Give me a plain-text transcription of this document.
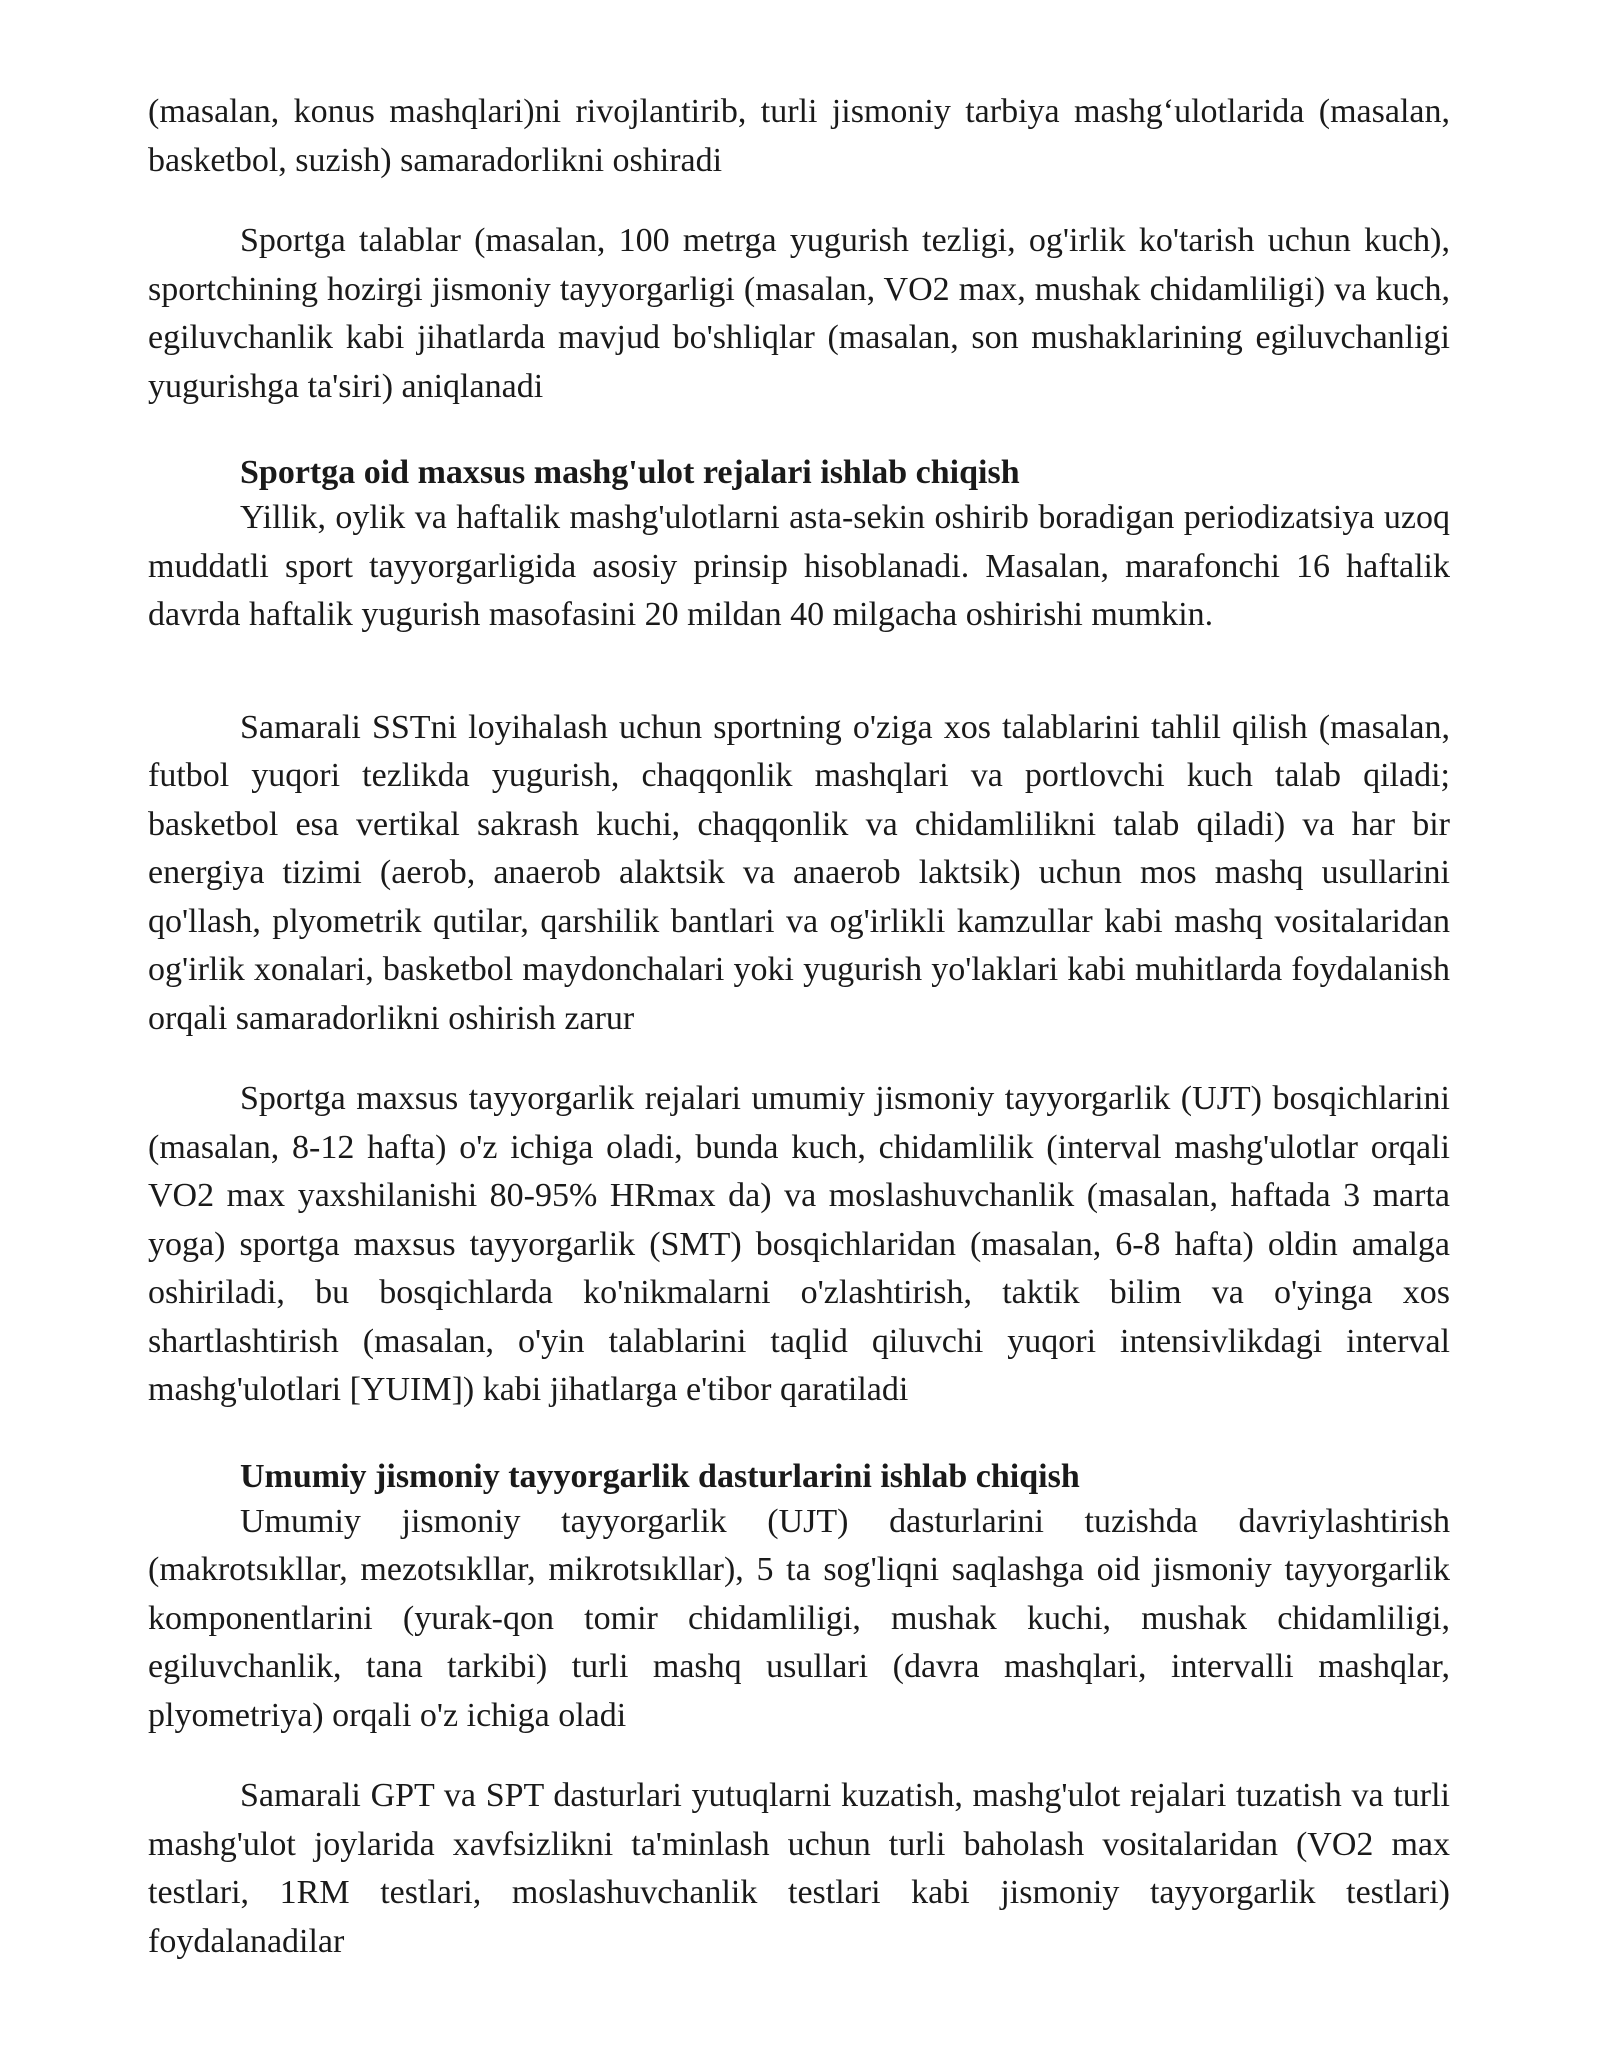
(masalan, konus mashqlari)ni rivojlantirib, turli jismoniy tarbiya mashg‘ulotlarida (masalan, basketbol, suzish) samaradorlikni oshiradi

Sportga talablar (masalan, 100 metrga yugurish tezligi, og'irlik ko'tarish uchun kuch), sportchining hozirgi jismoniy tayyorgarligi (masalan, VO2 max, mushak chidamliligi) va kuch, egiluvchanlik kabi jihatlarda mavjud bo'shliqlar (masalan, son mushaklarining egiluvchanligi yugurishga ta'siri) aniqlanadi

Sportga oid maxsus mashg'ulot rejalari ishlab chiqish

Yillik, oylik va haftalik mashg'ulotlarni asta-sekin oshirib boradigan periodizatsiya uzoq muddatli sport tayyorgarligida asosiy prinsip hisoblanadi. Masalan, marafonchi 16 haftalik davrda haftalik yugurish masofasini 20 mildan 40 milgacha oshirishi mumkin.

Samarali SSTni loyihalash uchun sportning o'ziga xos talablarini tahlil qilish (masalan, futbol yuqori tezlikda yugurish, chaqqonlik mashqlari va portlovchi kuch talab qiladi; basketbol esa vertikal sakrash kuchi, chaqqonlik va chidamlilikni talab qiladi) va har bir energiya tizimi (aerob, anaerob alaktsik va anaerob laktsik) uchun mos mashq usullarini qo'llash, plyometrik qutilar, qarshilik bantlari va og'irlikli kamzullar kabi mashq vositalaridan og'irlik xonalari, basketbol maydonchalari yoki yugurish yo'laklari kabi muhitlarda foydalanish orqali samaradorlikni oshirish zarur

Sportga maxsus tayyorgarlik rejalari umumiy jismoniy tayyorgarlik (UJT) bosqichlarini (masalan, 8-12 hafta) o'z ichiga oladi, bunda kuch, chidamlilik (interval mashg'ulotlar orqali VO2 max yaxshilanishi 80-95% HRmax da) va moslashuvchanlik (masalan, haftada 3 marta yoga) sportga maxsus tayyorgarlik (SMT) bosqichlaridan (masalan, 6-8 hafta) oldin amalga oshiriladi, bu bosqichlarda ko'nikmalarni o'zlashtirish, taktik bilim va o'yinga xos shartlashtirish (masalan, o'yin talablarini taqlid qiluvchi yuqori intensivlikdagi interval mashg'ulotlari [YUIM]) kabi jihatlarga e'tibor qaratiladi

Umumiy jismoniy tayyorgarlik dasturlarini ishlab chiqish

Umumiy jismoniy tayyorgarlik (UJT) dasturlarini tuzishda davriylashtirish (makrotsıkllar, mezotsıkllar, mikrotsıkllar), 5 ta sog'liqni saqlashga oid jismoniy tayyorgarlik komponentlarini (yurak-qon tomir chidamliligi, mushak kuchi, mushak chidamliligi, egiluvchanlik, tana tarkibi) turli mashq usullari (davra mashqlari, intervalli mashqlar, plyometriya) orqali o'z ichiga oladi

Samarali GPT va SPT dasturlari yutuqlarni kuzatish, mashg'ulot rejalari tuzatish va turli mashg'ulot joylarida xavfsizlikni ta'minlash uchun turli baholash vositalaridan (VO2 max testlari, 1RM testlari, moslashuvchanlik testlari kabi jismoniy tayyorgarlik testlari) foydalanadilar
